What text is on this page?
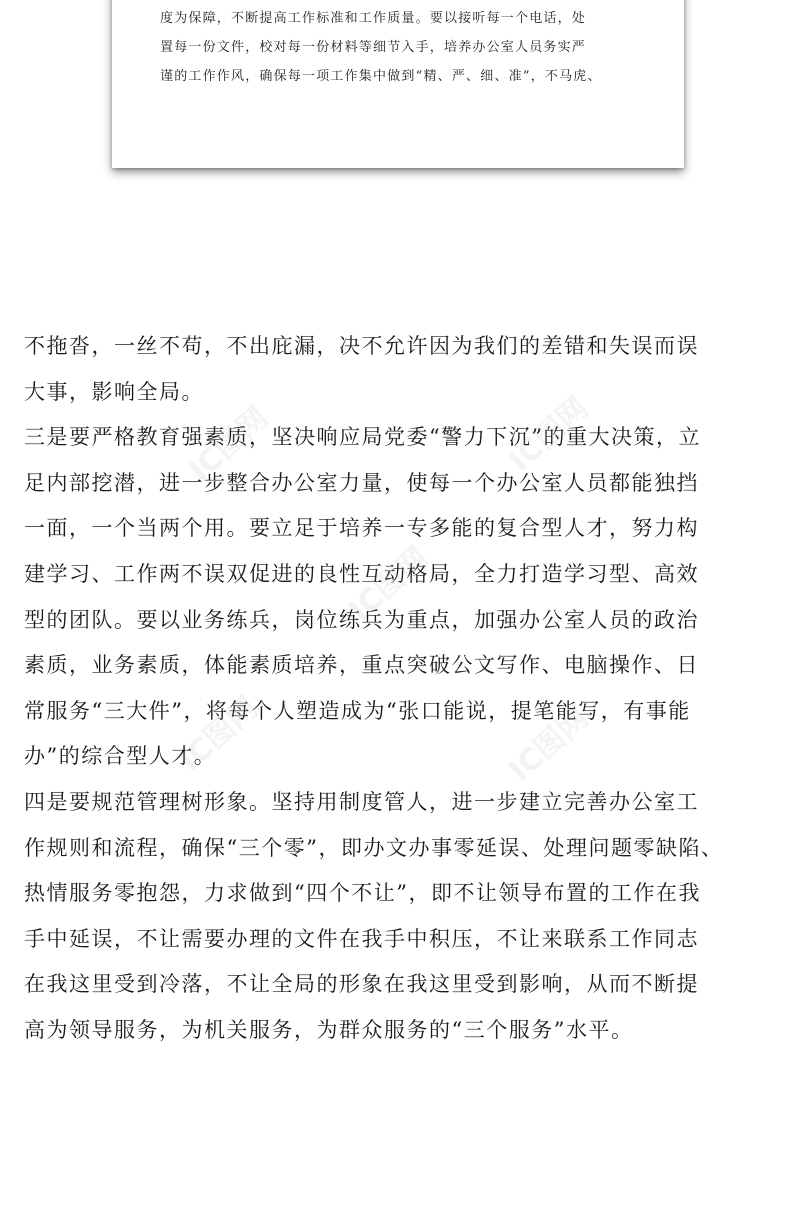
度为保障，不断提高工作标准和工作质量。要以接听每一个电话，处
置每一份文件，校对每一份材料等细节入手，培养办公室人员务实严
谨的工作作风，确保每一项工作集中做到“精、严、细、准”，不马虎、
不拖沓，一丝不苟，不出庇漏，决不允许因为我们的差错和失误而误
大事，影响全局。
三是要严格教育强素质，坚决响应局党委“警力下沉”的重大决策，立
足内部挖潜，进一步整合办公室力量，使每一个办公室人员都能独挡
一面，一个当两个用。要立足于培养一专多能的复合型人才，努力构
建学习、工作两不误双促进的良性互动格局，全力打造学习型、高效
型的团队。要以业务练兵，岗位练兵为重点，加强办公室人员的政治
素质，业务素质，体能素质培养，重点突破公文写作、电脑操作、日
常服务“三大件”，将每个人塑造成为“张口能说，提笔能写，有事能
办”的综合型人才。
四是要规范管理树形象。坚持用制度管人，进一步建立完善办公室工
作规则和流程，确保“三个零”，即办文办事零延误、处理问题零缺陷、
热情服务零抱怨，力求做到“四个不让”，即不让领导布置的工作在我
手中延误，不让需要办理的文件在我手中积压，不让来联系工作同志
在我这里受到冷落，不让全局的形象在我这里受到影响，从而不断提
高为领导服务，为机关服务，为群众服务的“三个服务”水平。
IC图网	IC图网
IC图网
IC图网	IC图网
